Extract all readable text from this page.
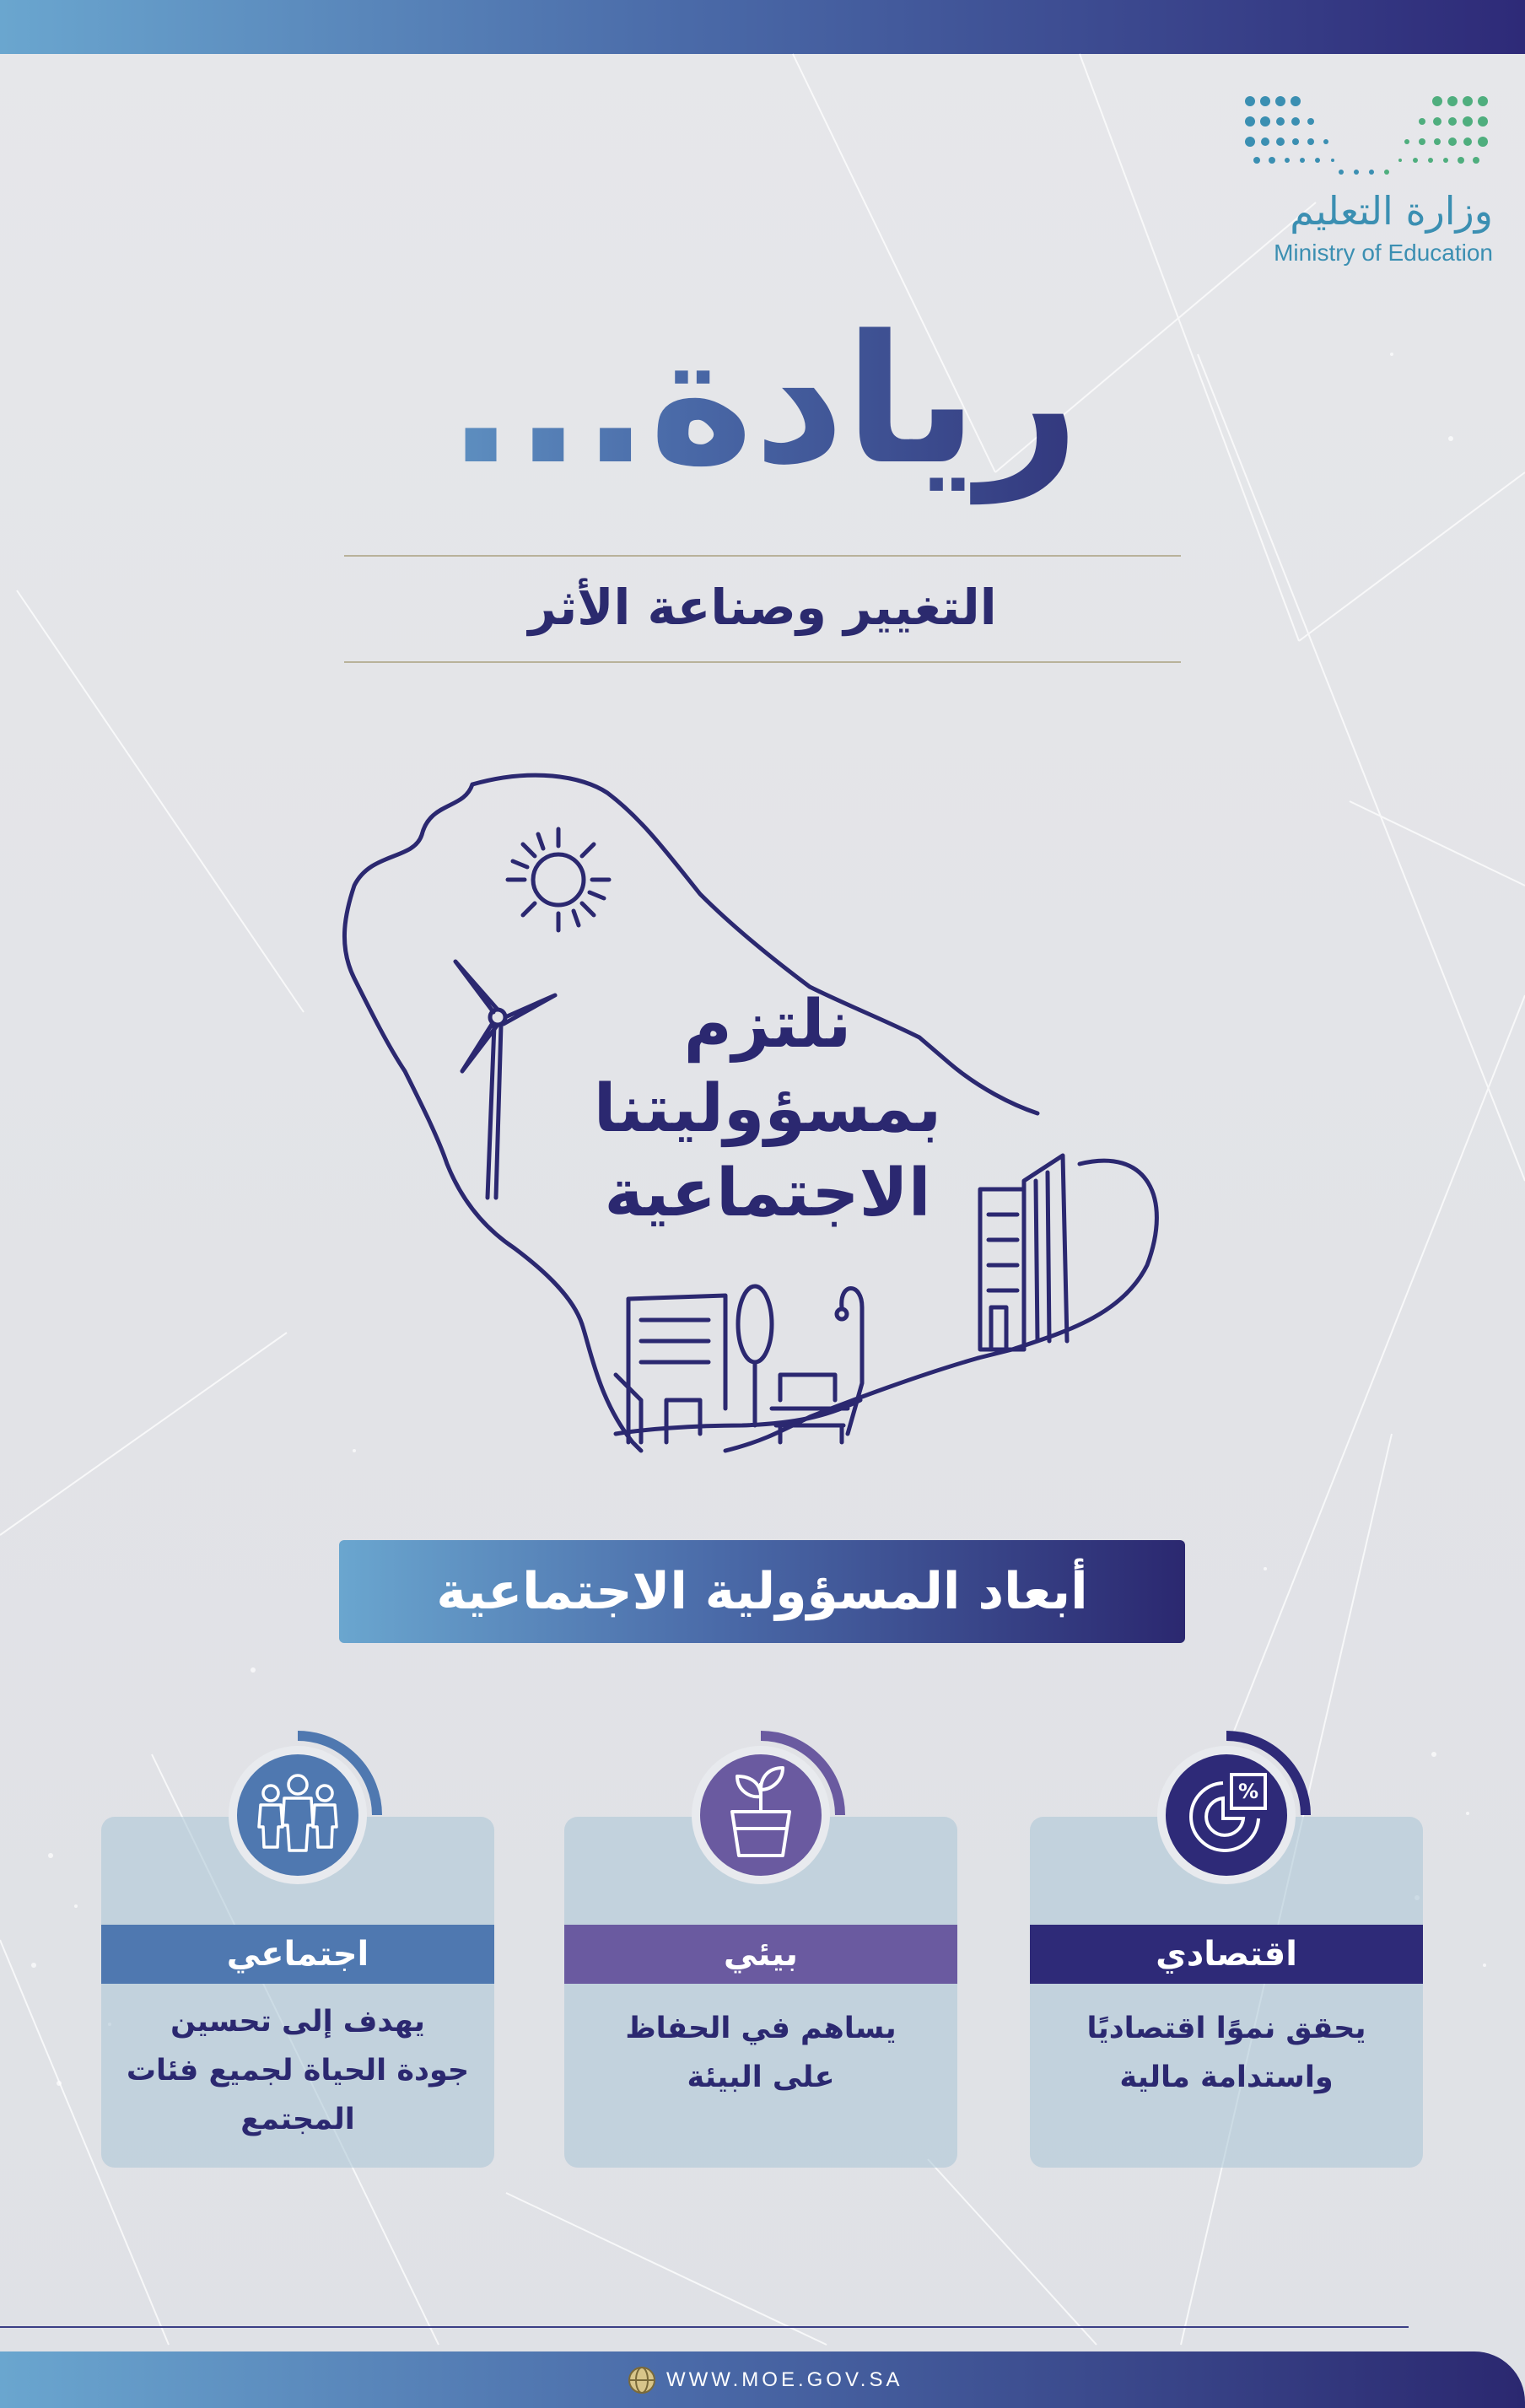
وزارة التعليم
Ministry of Education
ريادة...
التغيير وصناعة الأثر
نلتزم
بمسؤوليتنا
الاجتماعية
أبعاد المسؤولية الاجتماعية
اقتصادي
يحقق نموًا اقتصاديًا
واستدامة مالية
بيئي
يساهم في الحفاظ
على البيئة
اجتماعي
يهدف إلى تحسين
جودة الحياة لجميع فئات
المجتمع
%
WWW.MOE.GOV.SA
